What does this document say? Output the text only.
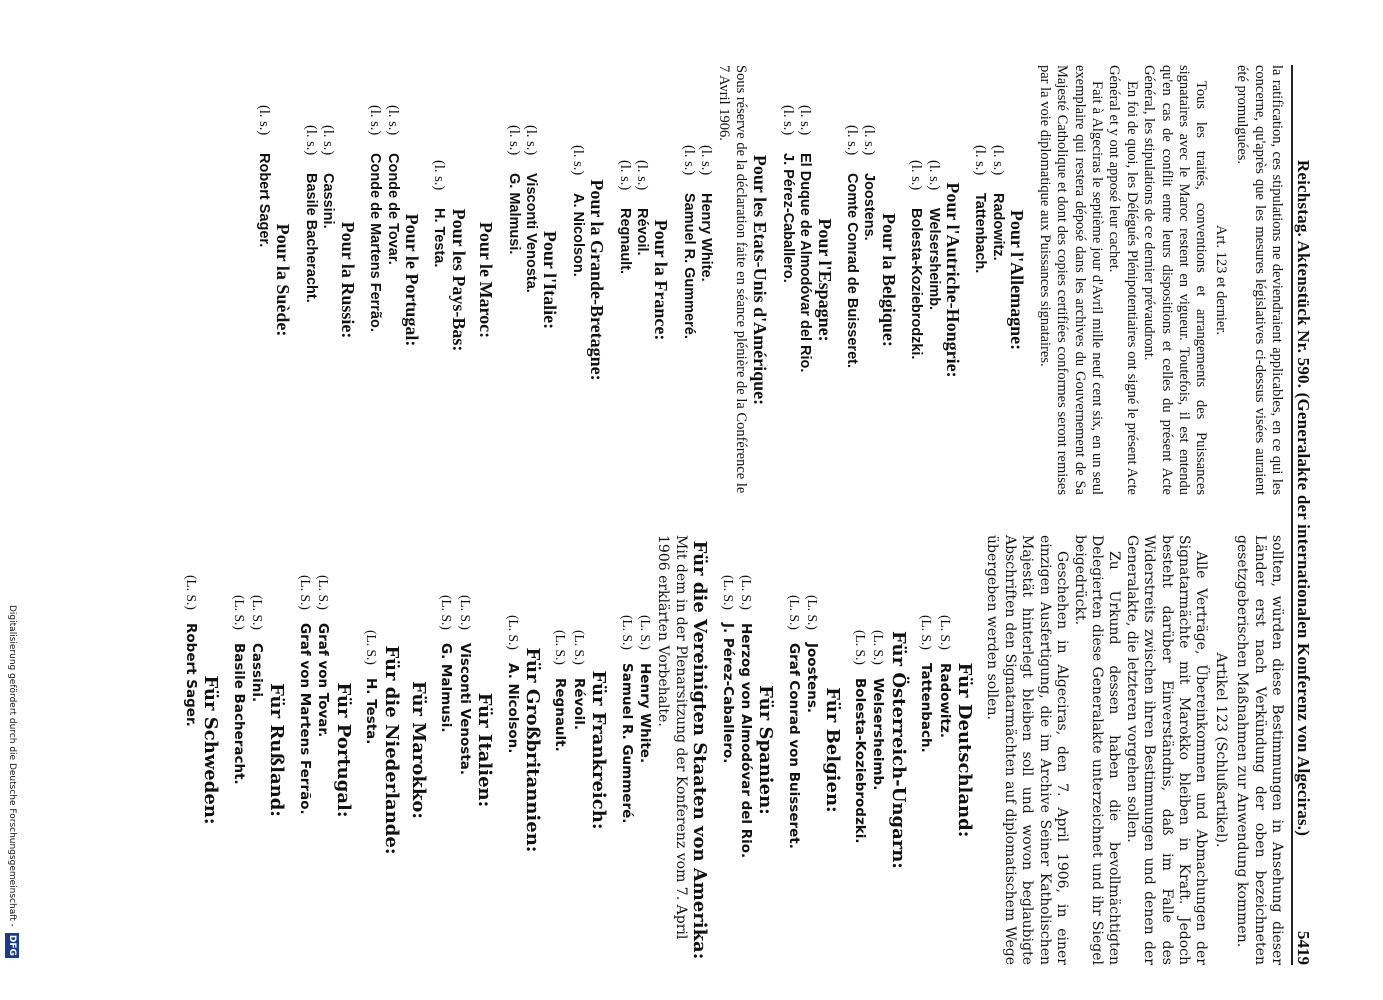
Reichstag. Aktenstück Nr. 590. (Generalakte der internationalen Konferenz von Algeciras.)
5419

la ratification, ces stipulations ne deviendraient applicables, en ce qui les concerne, qu'après que les mesures législatives ci-dessus visées auraient été promulguées.

Art. 123 et dernier.

Tous les traités, conventions et arrangements des Puissances signataires avec le Maroc restent en vigueur. Toutefois, il est entendu qu'en cas de conflit entre leurs dispositions et celles du présent Acte Général, les stipulations de ce dernier prévaudront.

En foi de quoi, les Délégués Plénipotentiaires ont signé le présent Acte Général et y ont apposé leur cachet.

Fait à Algeciras le septième jour d'Avril mille neuf cent six, en un seul exemplaire qui restera déposé dans les archives du Gouvernement de Sa Majesté Catholique et dont des copies certifiées conformes seront remises par la voie diplomatique aux Puissances signataires.

Pour l'Allemagne:

(l. s.)Radowitz.

(l. s.)Tattenbach.

Pour l'Autriche-Hongrie:

(l. s.)Welsersheimb.

(l. s.)Bolesta-Koziebrodzki.

Pour la Belgique:

(l. s.)Joostens.

(l. s.)Comte Conrad de Buisseret.

Pour l'Espagne:

(l. s.)El Duque de Almodóvar del Rio.

(l. s.)J. Pérez-Caballero.

Pour les Etats-Unis d'Amérique:

Sous réserve de la déclaration faite en séance plénière de la Conférence le 7 Avril 1906.

(l. s.)Henry White.

(l. s.)Samuel R. Gummeré.

Pour la France:

(l. s.)Révoil.

(l. s.)Regnault.

Pour la Grande-Bretagne:

(l. s.)A. Nicolson.

Pour l'Italie:

(l. s.)Visconti Venosta.

(l. s.)G. Malmusi.

Pour le Maroc:

Pour les Pays-Bas:

(l. s.)H. Testa.

Pour le Portugal:

(l. s.)Conde de Tovar.

(l. s.)Conde de Martens Ferrão.

Pour la Russie:

(l. s.)Cassini.

(l. s.)Basile Bacheracht.

Pour la Suède:

(l. s.)Robert Sager.

sollten, würden diese Bestimmungen in Ansehung dieser Länder erst nach Verkündung der oben bezeichneten gesetzgeberischen Maßnahmen zur Anwendung kommen.

Artikel 123 (Schlußartikel).

Alle Verträge, Übereinkommen und Abmachungen der Signatarmächte mit Marokko bleiben in Kraft. Jedoch besteht darüber Einverständnis, daß im Falle des Widerstreits zwischen ihren Bestimmungen und denen der Generalakte, die letzteren vorgehen sollen.

Zu Urkund dessen haben die bevollmächtigten Delegierten diese Generalakte unterzeichnet und ihr Siegel beigedrückt.

Geschehen in Algeciras, den 7. April 1906, in einer einzigen Ausfertigung, die im Archive Seiner Katholischen Majestät hinterlegt bleiben soll und wovon beglaubigte Abschriften den Signatarmächten auf diplomatischem Wege übergeben werden sollen.

Für Deutschland:

(L. S.)Radowitz.

(L. S.)Tattenbach.

Für Österreich-Ungarn:

(L. S.)Welsersheimb.

(L. S.)Bolesta-Koziebrodzki.

Für Belgien:

(L. S.)Joostens.

(L. S.)Graf Conrad von Buisseret.

Für Spanien:

(L. S.)Herzog von Almodóvar del Rio.

(L. S.)J. Pérez-Caballero.

Für die Vereinigten Staaten von Amerika:

Mit dem in der Plenarsitzung der Konferenz vom 7. April 1906 erklärten Vorbehalte.

(L. S.)Henry White.

(L. S.)Samuel R. Gummeré.

Für Frankreich:

(L. S.)Révoil.

(L. S.)Regnault.

Für Großbritannien:

(L. S.)A. Nicolson.

Für Italien:

(L. S.)Visconti Venosta.

(L. S.)G. Malmusi.

Für Marokko:

Für die Niederlande:

(L. S.)H. Testa.

Für Portugal:

(L. S.)Graf von Tovar.

(L. S.)Graf von Martens Ferrão.

Für Rußland:

(L. S.)Cassini.

(L. S.)Basile Bacheracht.

Für Schweden:

(L. S.)Robert Sager.

Digitalisierung gefördert durch die Deutsche Forschungsgemeinschaft -DFG
